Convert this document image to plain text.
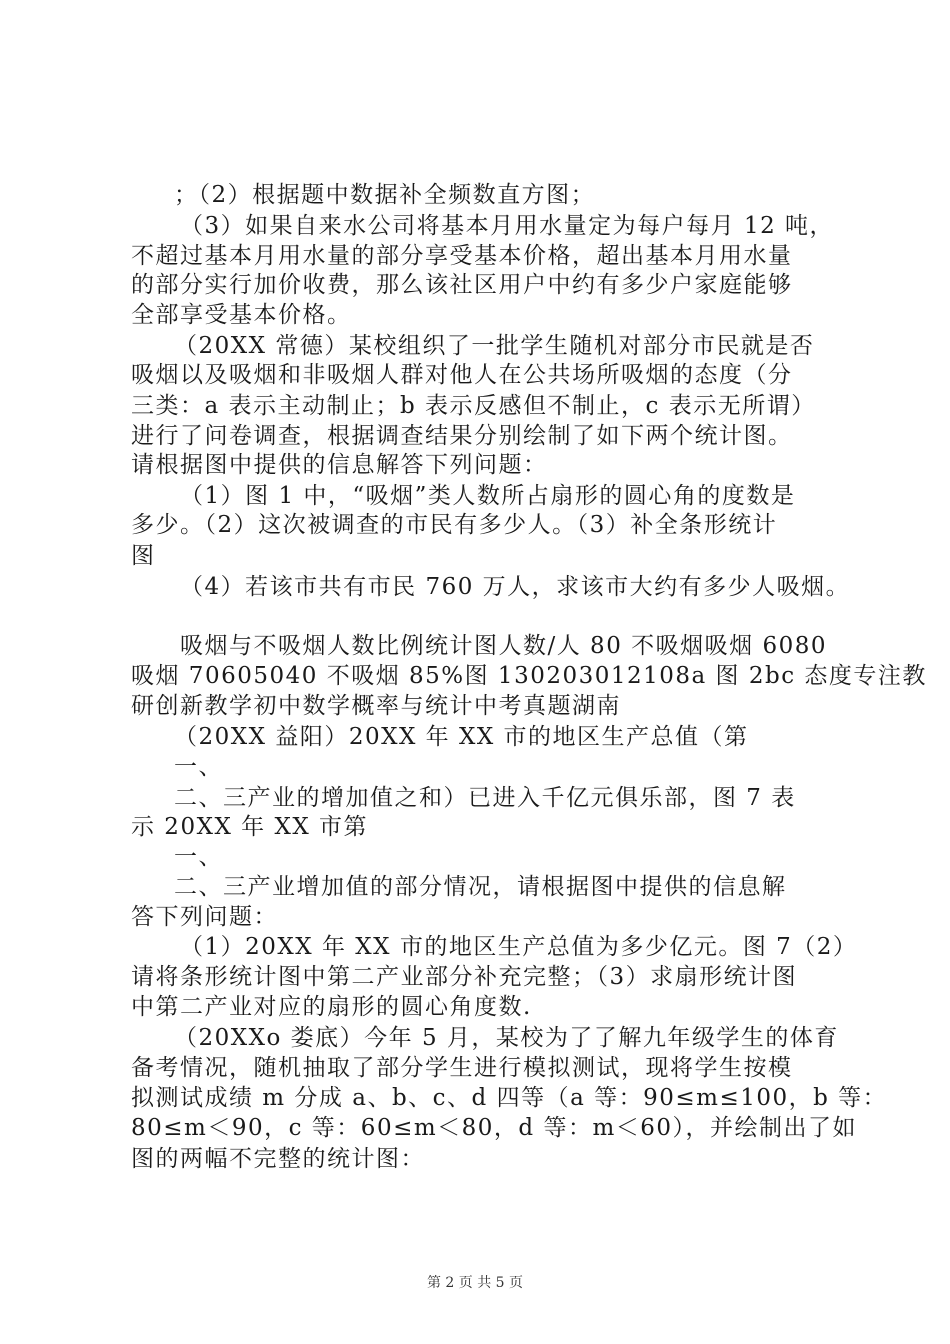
；（2）根据题中数据补全频数直方图；
（3）如果自来水公司将基本月用水量定为每户每月 12 吨，
不超过基本月用水量的部分享受基本价格，超出基本月用水量
的部分实行加价收费，那么该社区用户中约有多少户家庭能够
全部享受基本价格。
（20XX 常德）某校组织了一批学生随机对部分市民就是否
吸烟以及吸烟和非吸烟人群对他人在公共场所吸烟的态度（分
三类：a 表示主动制止；b 表示反感但不制止，c 表示无所谓）
进行了问卷调查，根据调查结果分别绘制了如下两个统计图。
请根据图中提供的信息解答下列问题：
（1）图 1 中，“吸烟”类人数所占扇形的圆心角的度数是
多少。（2）这次被调查的市民有多少人。（3）补全条形统计
图
（4）若该市共有市民 760 万人，求该市大约有多少人吸烟。
吸烟与不吸烟人数比例统计图人数/人 80 不吸烟吸烟 6080
吸烟 70605040 不吸烟 85%图 130203012108a 图 2bc 态度专注教
研创新教学初中数学概率与统计中考真题湖南
（20XX 益阳）20XX 年 XX 市的地区生产总值（第
一、
二、三产业的增加值之和）已进入千亿元俱乐部，图 7 表
示 20XX 年 XX 市第
一、
二、三产业增加值的部分情况，请根据图中提供的信息解
答下列问题：
（1）20XX 年 XX 市的地区生产总值为多少亿元。图 7（2）
请将条形统计图中第二产业部分补充完整；（3）求扇形统计图
中第二产业对应的扇形的圆心角度数.
（20XXo 娄底）今年 5 月，某校为了了解九年级学生的体育
备考情况，随机抽取了部分学生进行模拟测试，现将学生按模
拟测试成绩 m 分成 a、b、c、d 四等（a 等：90≤m≤100，b 等：
80≤m＜90，c 等：60≤m＜80，d 等：m＜60），并绘制出了如
图的两幅不完整的统计图：
第 2 页 共 5 页
